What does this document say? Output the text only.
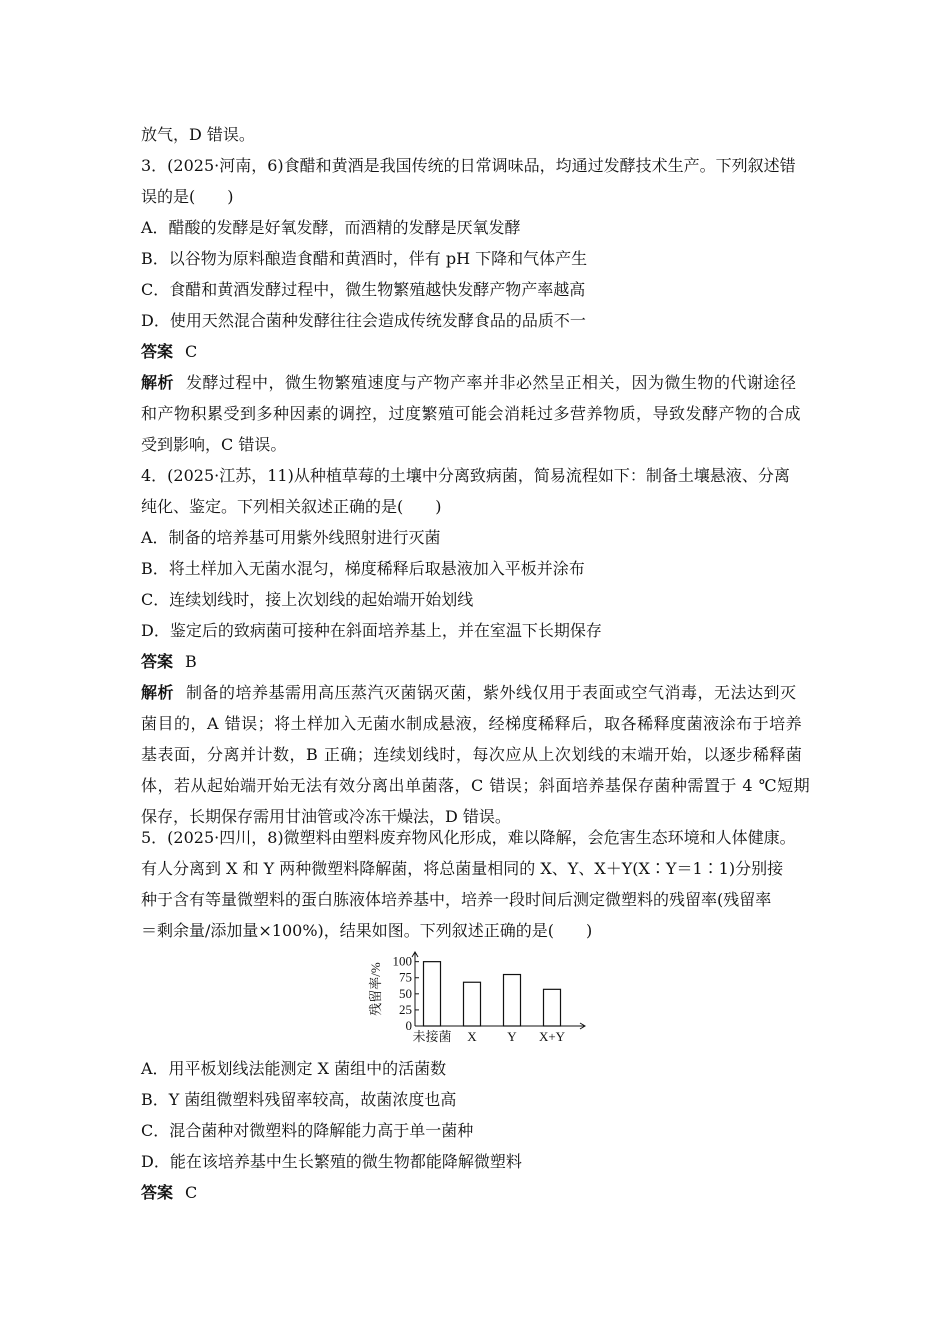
放气，D 错误。
3．(2025·河南，6)食醋和黄酒是我国传统的日常调味品，均通过发酵技术生产。下列叙述错
误的是(　　)
A．醋酸的发酵是好氧发酵，而酒精的发酵是厌氧发酵
B．以谷物为原料酿造食醋和黄酒时，伴有 pH 下降和气体产生
C．食醋和黄酒发酵过程中，微生物繁殖越快发酵产物产率越高
D．使用天然混合菌种发酵往往会造成传统发酵食品的品质不一
答案 C
解析 发酵过程中，微生物繁殖速度与产物产率并非必然呈正相关，因为微生物的代谢途径
和产物积累受到多种因素的调控，过度繁殖可能会消耗过多营养物质，导致发酵产物的合成
受到影响，C 错误。
4．(2025·江苏，11)从种植草莓的土壤中分离致病菌，简易流程如下：制备土壤悬液、分离
纯化、鉴定。下列相关叙述正确的是(　　)
A．制备的培养基可用紫外线照射进行灭菌
B．将土样加入无菌水混匀，梯度稀释后取悬液加入平板并涂布
C．连续划线时，接上次划线的起始端开始划线
D．鉴定后的致病菌可接种在斜面培养基上，并在室温下长期保存
答案 B
解析 制备的培养基需用高压蒸汽灭菌锅灭菌，紫外线仅用于表面或空气消毒，无法达到灭
菌目的，A 错误；将土样加入无菌水制成悬液，经梯度稀释后，取各稀释度菌液涂布于培养
基表面，分离并计数，B 正确；连续划线时，每次应从上次划线的末端开始，以逐步稀释菌
体，若从起始端开始无法有效分离出单菌落，C 错误；斜面培养基保存菌种需置于 4 ℃短期
保存，长期保存需用甘油管或冷冻干燥法，D 错误。
5．(2025·四川，8)微塑料由塑料废弃物风化形成，难以降解，会危害生态环境和人体健康。
有人分离到 X 和 Y 两种微塑料降解菌，将总菌量相同的 X、Y、X＋Y(X∶Y＝1∶1)分别接
种于含有等量微塑料的蛋白胨液体培养基中，培养一段时间后测定微塑料的残留率(残留率
＝剩余量/添加量×100%)，结果如图。下列叙述正确的是(　　)
0
25
50
75
100
残留率/%
未接菌 X Y X+Y
A．用平板划线法能测定 X 菌组中的活菌数
B．Y 菌组微塑料残留率较高，故菌浓度也高
C．混合菌种对微塑料的降解能力高于单一菌种
D．能在该培养基中生长繁殖的微生物都能降解微塑料
答案 C
